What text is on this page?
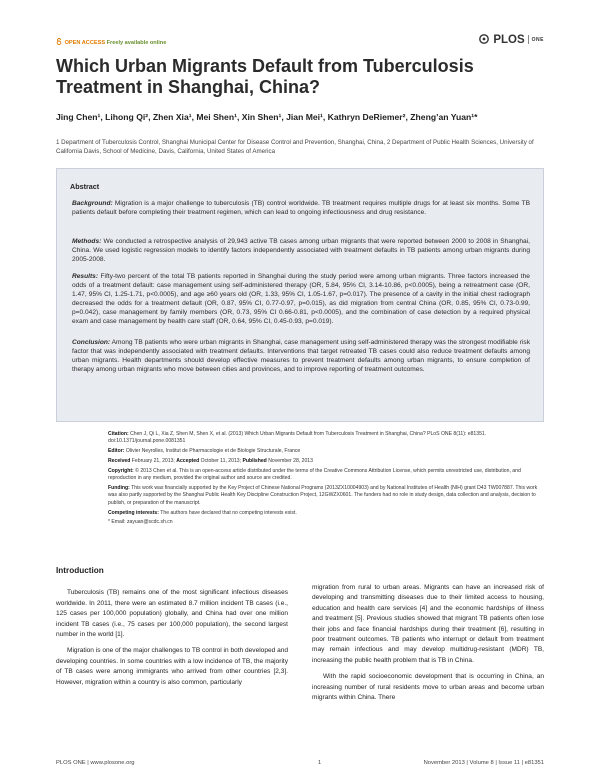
OPEN ACCESS Freely available online	PLOS ONE
Which Urban Migrants Default from Tuberculosis Treatment in Shanghai, China?
Jing Chen¹, Lihong Qi², Zhen Xia¹, Mei Shen¹, Xin Shen¹, Jian Mei¹, Kathryn DeRiemer², Zheng’an Yuan¹*
1 Department of Tuberculosis Control, Shanghai Municipal Center for Disease Control and Prevention, Shanghai, China, 2 Department of Public Health Sciences, University of California Davis, School of Medicine, Davis, California, United States of America
Abstract

Background: Migration is a major challenge to tuberculosis (TB) control worldwide. TB treatment requires multiple drugs for at least six months. Some TB patients default before completing their treatment regimen, which can lead to ongoing infectiousness and drug resistance.

Methods: We conducted a retrospective analysis of 29,943 active TB cases among urban migrants that were reported between 2000 to 2008 in Shanghai, China. We used logistic regression models to identify factors independently associated with treatment defaults in TB patients among urban migrants during 2005-2008.

Results: Fifty-two percent of the total TB patients reported in Shanghai during the study period were among urban migrants. Three factors increased the odds of a treatment default: case management using self-administered therapy (OR, 5.84, 95% CI, 3.14-10.86, p<0.0005), being a retreatment case (OR, 1.47, 95% CI, 1.25-1.71, p<0.0005), and age ≥60 years old (OR, 1.33, 95% CI, 1.05-1.67, p=0.017). The presence of a cavity in the initial chest radiograph decreased the odds for a treatment default (OR, 0.87, 95% CI, 0.77-0.97, p=0.015), as did migration from central China (OR, 0.85, 95% CI, 0.73-0.99, p=0.042), case management by family members (OR, 0.73, 95% CI 0.66-0.81, p<0.0005), and the combination of case detection by a required physical exam and case management by health care staff (OR, 0.64, 95% CI, 0.45-0.93, p=0.019).

Conclusion: Among TB patients who were urban migrants in Shanghai, case management using self-administered therapy was the strongest modifiable risk factor that was independently associated with treatment defaults. Interventions that target retreated TB cases could also reduce treatment defaults among urban migrants. Health departments should develop effective measures to prevent treatment defaults among urban migrants, to ensure completion of therapy among urban migrants who move between cities and provinces, and to improve reporting of treatment outcomes.

Citation: Chen J, Qi L, Xia Z, Shen M, Shen X, et al. (2013) Which Urban Migrants Default from Tuberculosis Treatment in Shanghai, China? PLoS ONE 8(11): e81351. doi:10.1371/journal.pone.0081351

Editor: Olivier Neyrolles, Institut de Pharmacologie et de Biologie Structurale, France

Received February 21, 2013; Accepted October 11, 2013; Published November 28, 2013

Copyright: © 2013 Chen et al. This is an open-access article distributed under the terms of the Creative Commons Attribution License, which permits unrestricted use, distribution, and reproduction in any medium, provided the original author and source are credited.

Funding: This work was financially supported by the Key Project of Chinese National Programs (2013ZX10004903) and by National Institutes of Health (NIH) grant D43 TW007887. This work was also partly supported by the Shanghai Public Health Key Discipline Construction Project, 12GWZX0601. The funders had no role in study design, data collection and analysis, decision to publish, or preparation of the manuscript.

Competing interests: The authors have declared that no competing interests exist.

* Email: zayuan@scdc.sh.cn

Introduction

Tuberculosis (TB) remains one of the most significant infectious diseases worldwide. In 2011, there were an estimated 8.7 million incident TB cases (i.e., 125 cases per 100,000 population) globally, and China had over one million incident TB cases (i.e., 75 cases per 100,000 population), the second largest number in the world [1].

Migration is one of the major challenges to TB control in both developed and developing countries. In some countries with a low incidence of TB, the majority of TB cases were among immigrants who arrived from other countries [2,3]. However, migration within a country is also common, particularly

migration from rural to urban areas. Migrants can have an increased risk of developing and transmitting diseases due to their limited access to housing, education and health care services [4] and the economic hardships of illness and treatment [5]. Previous studies showed that migrant TB patients often lose their jobs and face financial hardships during their treatment [6], resulting in poor treatment outcomes. TB patients who interrupt or default from treatment may remain infectious and may develop multidrug-resistant (MDR) TB, increasing the public health problem that is TB in China.

With the rapid socioeconomic development that is occurring in China, an increasing number of rural residents move to urban areas and become urban migrants within China. There

PLOS ONE | www.plosone.org	1	November 2013 | Volume 8 | Issue 11 | e81351
